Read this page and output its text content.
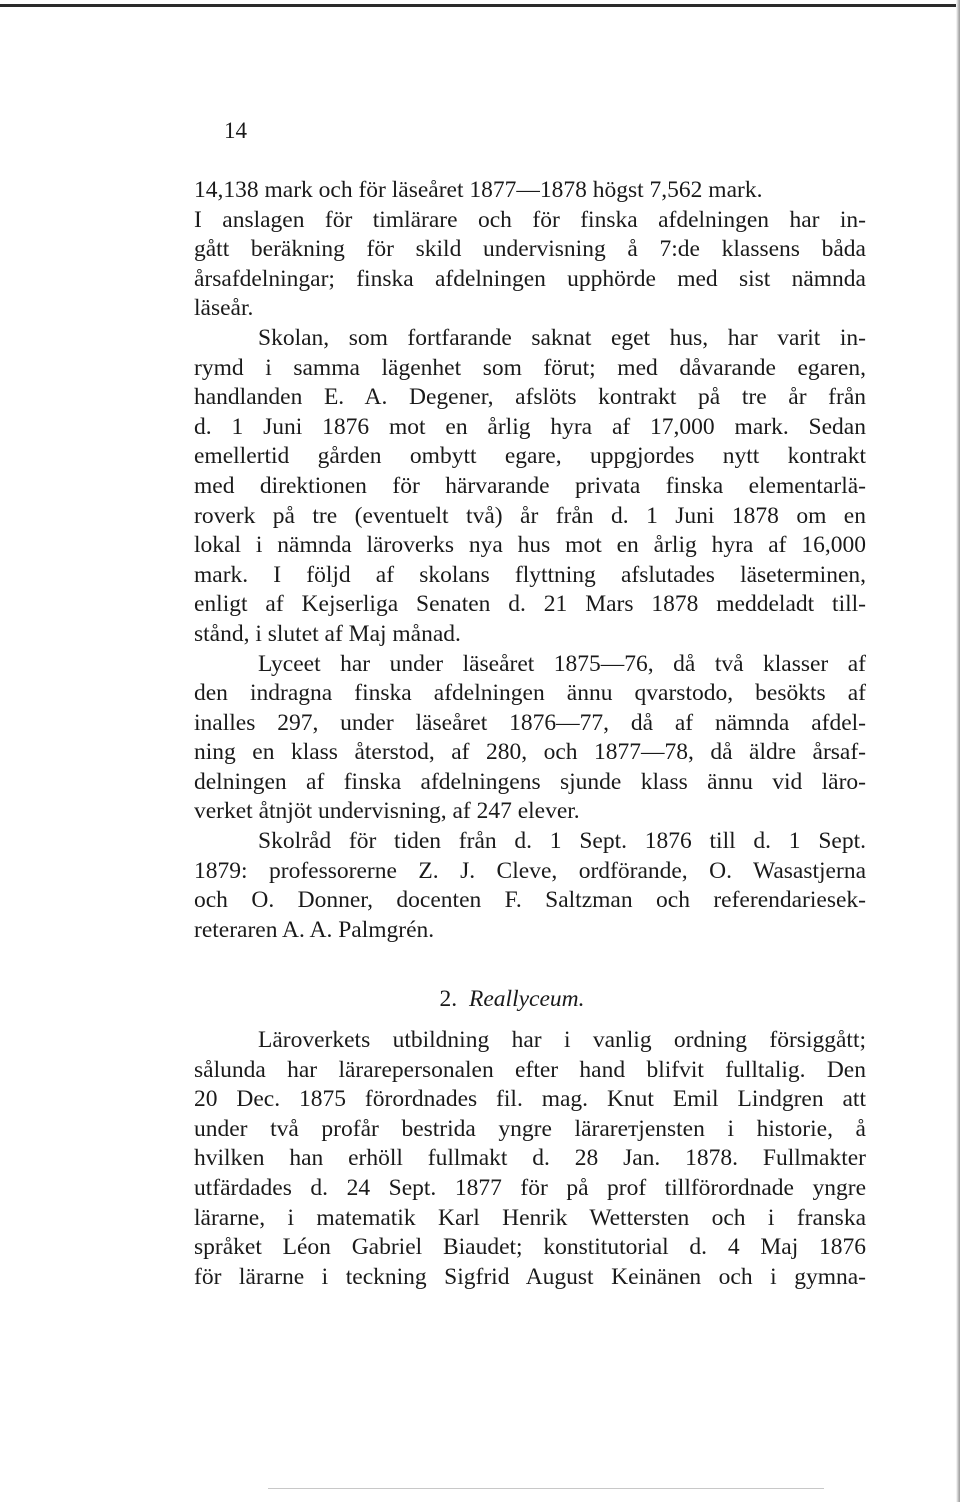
14
14,138 mark och för läseåret 1877—1878 högst 7,562 mark.
I anslagen för timlärare och för finska afdelningen har in-
gått beräkning för skild undervisning å 7:de klassens båda
årsafdelningar; finska afdelningen upphörde med sist nämnda
läseår.
Skolan, som fortfarande saknat eget hus, har varit in-
rymd i samma lägenhet som förut; med dåvarande egaren,
handlanden E. A. Degener, afslöts kontrakt på tre år från
d. 1 Juni 1876 mot en årlig hyra af 17,000 mark. Sedan
emellertid gården ombytt egare, uppgjordes nytt kontrakt
med direktionen för härvarande privata finska elementarlä-
roverk på tre (eventuelt två) år från d. 1 Juni 1878 om en
lokal i nämnda läroverks nya hus mot en årlig hyra af 16,000
mark. I följd af skolans flyttning afslutades läseterminen,
enligt af Kejserliga Senaten d. 21 Mars 1878 meddeladt till-
stånd, i slutet af Maj månad.
Lyceet har under läseåret 1875—76, då två klasser af
den indragna finska afdelningen ännu qvarstodo, besökts af
inalles 297, under läseåret 1876—77, då af nämnda afdel-
ning en klass återstod, af 280, och 1877—78, då äldre årsaf-
delningen af finska afdelningens sjunde klass ännu vid läro-
verket åtnjöt undervisning, af 247 elever.
Skolråd för tiden från d. 1 Sept. 1876 till d. 1 Sept.
1879: professorerne Z. J. Cleve, ordförande, O. Wasastjerna
och O. Donner, docenten F. Saltzman och referendariesek-
reteraren A. A. Palmgrén.
2. Reallyceum.
Läroverkets utbildning har i vanlig ordning försiggått;
sålunda har lärarepersonalen efter hand blifvit fulltalig. Den
20 Dec. 1875 förordnades fil. mag. Knut Emil Lindgren att
under två profår bestrida yngre lärarетjensten i historie, å
hvilken han erhöll fullmakt d. 28 Jan. 1878. Fullmakter
utfärdades d. 24 Sept. 1877 för på prof tillförordnade yngre
lärarne, i matematik Karl Henrik Wettersten och i franska
språket Léon Gabriel Biaudet; konstitutorial d. 4 Maj 1876
för lärarne i teckning Sigfrid August Keinänen och i gymna-
